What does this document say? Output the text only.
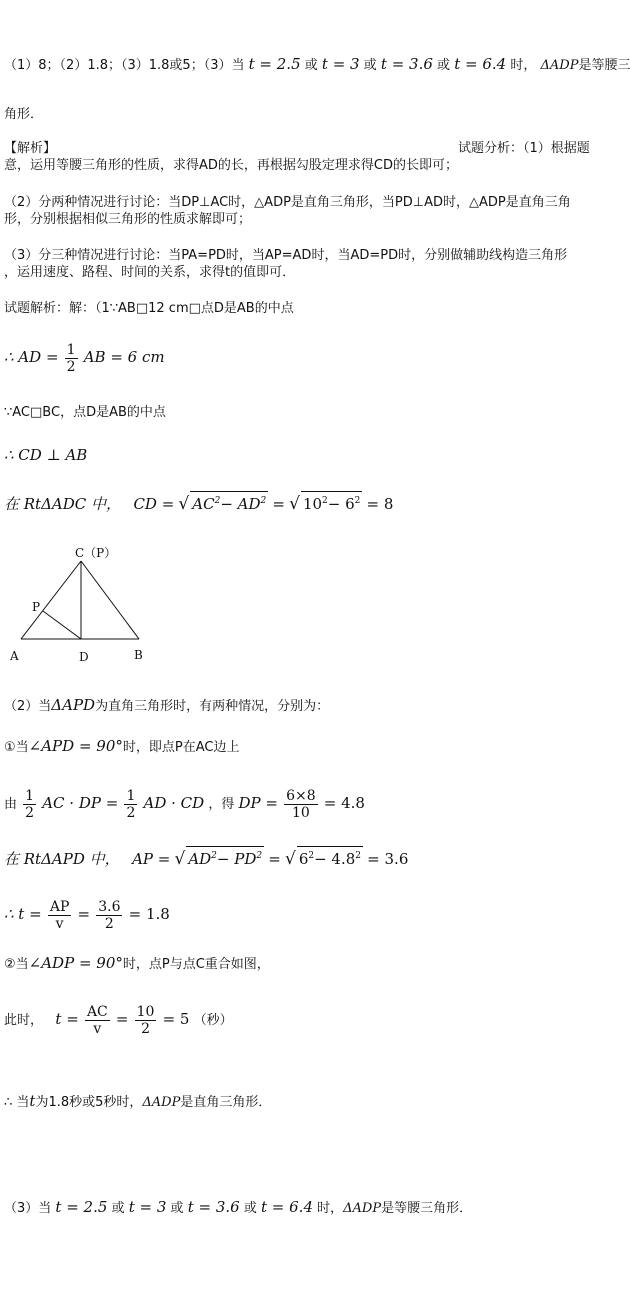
（1）8；（2）1.8；（3）1.8或5；（3）当 t = 2.5 或 t = 3 或 t = 3.6 或 t = 6.4 时， ΔADP是等腰三
角形．
【解析】	试题分析：（1）根据题
意，运用等腰三角形的性质，求得AD的长，再根据勾股定理求得CD的长即可；
（2）分两种情况进行讨论：当DP⊥AC时，△ADP是直角三角形，当PD⊥AD时，△ADP是直角三角
形，分别根据相似三角形的性质求解即可；
（3）分三种情况进行讨论：当PA=PD时，当AP=AD时，当AD=PD时，分别做辅助线构造三角形
，运用速度、路程、时间的关系，求得t的值即可．
试题解析：解：（1∵AB□12 cm□点D是AB的中点
∴ AD = $\frac{1}{2}$ AB = 6 cm
∵AC□BC，点D是AB的中点
∴ CD ⊥ AB
在 RtΔADC 中， CD = √ $AC^2- AD^2$ = √ $10^2- 6^2 = 8$
C（P）
P
A	D	B
（2）当ΔAPD为直角三角形时，有两种情况，分别为：
①当∠APD = 90°时，即点P在AC边上
由 $\frac{1}{2}$ AC · DP = $\frac{1}{2}$ AD · CD ，得 DP = $\frac{6\times 8}{10} = 4.8$
在 RtΔAPD 中， AP = √ $AD^2- PD^2$ = √ $6^2- 4.8^2 = 3.6$
∴ $t = \frac{AP}{v} = \frac{3.6}{2} = 1.8$
②当∠ADP = 90°时，点P与点C重合如图，
此时， $t = \frac{AC}{v} = \frac{10}{2} = 5$ （秒）
∴ 当t为1.8秒或5秒时，ΔADP是直角三角形．
（3）当 t = 2.5 或 t = 3 或 t = 3.6 或 t = 6.4 时，ΔADP是等腰三角形．
